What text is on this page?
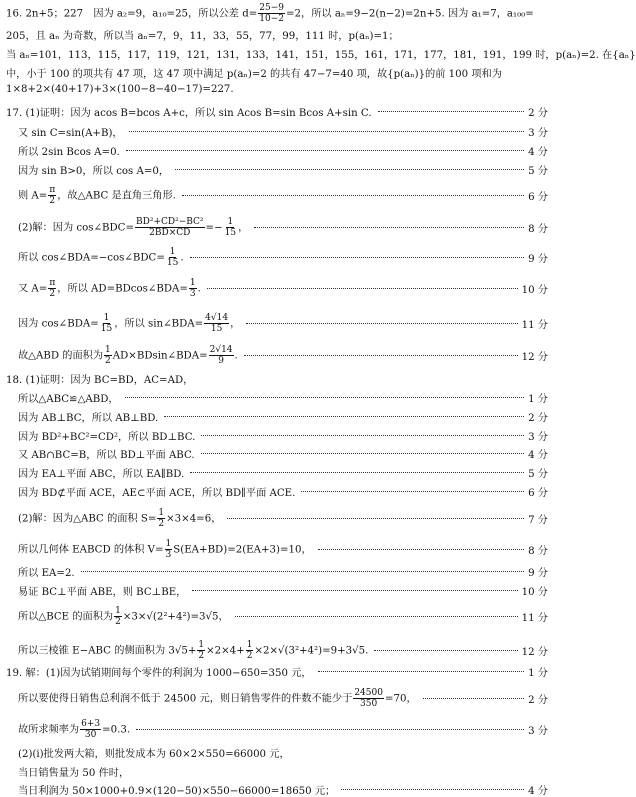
16. 2n+5；227　因为 a₂=9，a₁₀=25，所以公差 $d= \frac{25-9}{10-2} =2$，所以 aₙ=9−2(n−2)=2n+5. 因为 a₁=7，a₁₀₀=
205，且 aₙ 为奇数，所以当 aₙ=7，9，11，33，55，77，99，111 时，p(aₙ)=1；
当 aₙ=101，113，115，117，119，121，131，133，141，151，155，161，171，177，181，191，199 时，p(aₙ)=2. 在{aₙ}
中，小于 100 的项共有 47 项，这 47 项中满足 p(aₙ)=2 的共有 47−7=40 项，故{p(aₙ)}的前 100 项和为
1×8+2×(40+17)+3×(100−8−40−17)=227.
17. (1)证明：因为 acos B=bcos A+c，所以 sin Acos B=sin Bcos A+sin C.	2 分
又 sin C=sin(A+B)，	3 分
所以 2sin Bcos A=0.	4 分
因为 sin B>0，所以 cos A=0，	5 分
则 $A= \frac{\pi}{2}$ ，故△ABC 是直角三角形.	6 分
(2)解：因为 cos∠BDC= $\frac{\text{BD²+CD²−BC²}}{2BD\times CD} =- \frac{1}{15}$ ，	8 分
所以 cos∠BDA=−cos∠BDC= $\frac{1}{15}$ .	9 分
又 $A= \frac{\pi}{2}$ ，所以 AD=BDcos∠BDA= $\frac{1}{3}$ .	10 分
因为 cos∠BDA= $\frac{1}{15}$ ，所以 sin∠BDA= $\frac{4√14}{15}$ ，	11 分
故△ABD 的面积为 $\frac{1}{2}$ AD×BDsin∠BDA= $\frac{2√14}{9}$ .	12 分
18. (1)证明：因为 BC=BD，AC=AD，
所以△ABC≌△ABD，	1 分
因为 AB⊥BC，所以 AB⊥BD.	2 分
因为 BD²+BC²=CD²，所以 BD⊥BC.	3 分
又 AB∩BC=B，所以 BD⊥平面 ABC.	4 分
因为 EA⊥平面 ABC，所以 EA∥BD.	5 分
因为 BD⊄平面 ACE，AE⊂平面 ACE，所以 BD∥平面 ACE.	6 分
(2)解：因为△ABC 的面积 $S= \frac{1}{2} \times 3\times 4=6$，	7 分
所以几何体 EABCD 的体积 $V= \frac{1}{3} S(EA+BD)=2(EA+3)=10$，	8 分
所以 EA=2.	9 分
易证 BC⊥平面 ABE，则 BC⊥BE，	10 分
所以△BCE 的面积为 $\frac{1}{2} \times 3\times√(2^2+4^2)=3√5$，	11 分
所以三棱锥 E−ABC 的侧面积为 $3√5+ \frac{1}{2} \times 2\times 4+ \frac{1}{2} \times 2\times√(3^2+4^2)=9+3√5$.	12 分
19. 解：(1)因为试销期间每个零件的利润为 1000−650=350 元，	1 分
所以要使得日销售总利润不低于 24500 元，则日销售零件的件数不能少于 $\frac{24500}{350} =70$，	2 分
故所求频率为 $\frac{6+3}{30} =0.3$.	3 分
(2)(i)批发两大箱，则批发成本为 60×2×550=66000 元，
当日销售量为 50 件时，
当日利润为 50×1000+0.9×(120−50)×550−66000=18650 元；	4 分
